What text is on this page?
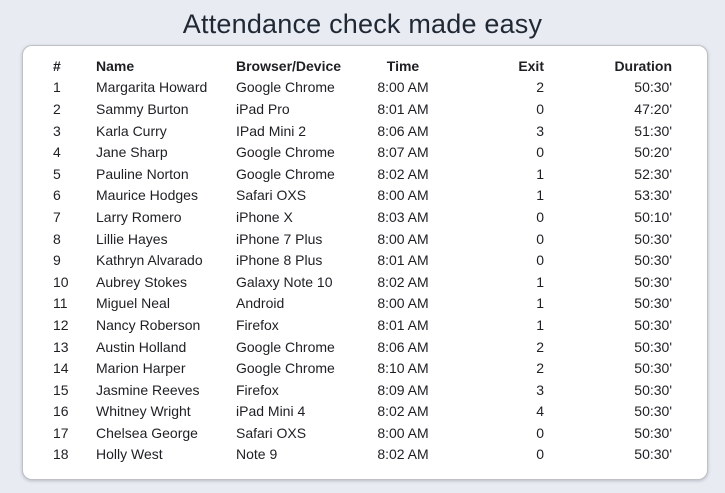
Attendance check made easy
#	Name	Browser/Device	Time	Exit	Duration
1	Margarita Howard	Google Chrome	8:00 AM	2	50:30'
2	Sammy Burton	iPad Pro	8:01 AM	0	47:20'
3	Karla Curry	IPad Mini 2	8:06 AM	3	51:30'
4	Jane Sharp	Google Chrome	8:07 AM	0	50:20'
5	Pauline Norton	Google Chrome	8:02 AM	1	52:30'
6	Maurice Hodges	Safari OXS	8:00 AM	1	53:30'
7	Larry Romero	iPhone X	8:03 AM	0	50:10'
8	Lillie Hayes	iPhone 7 Plus	8:00 AM	0	50:30'
9	Kathryn Alvarado	iPhone 8 Plus	8:01 AM	0	50:30'
10	Aubrey Stokes	Galaxy Note 10	8:02 AM	1	50:30'
11	Miguel Neal	Android	8:00 AM	1	50:30'
12	Nancy Roberson	Firefox	8:01 AM	1	50:30'
13	Austin Holland	Google Chrome	8:06 AM	2	50:30'
14	Marion Harper	Google Chrome	8:10 AM	2	50:30'
15	Jasmine Reeves	Firefox	8:09 AM	3	50:30'
16	Whitney Wright	iPad Mini 4	8:02 AM	4	50:30'
17	Chelsea George	Safari OXS	8:00 AM	0	50:30'
18	Holly West	Note 9	8:02 AM	0	50:30'
